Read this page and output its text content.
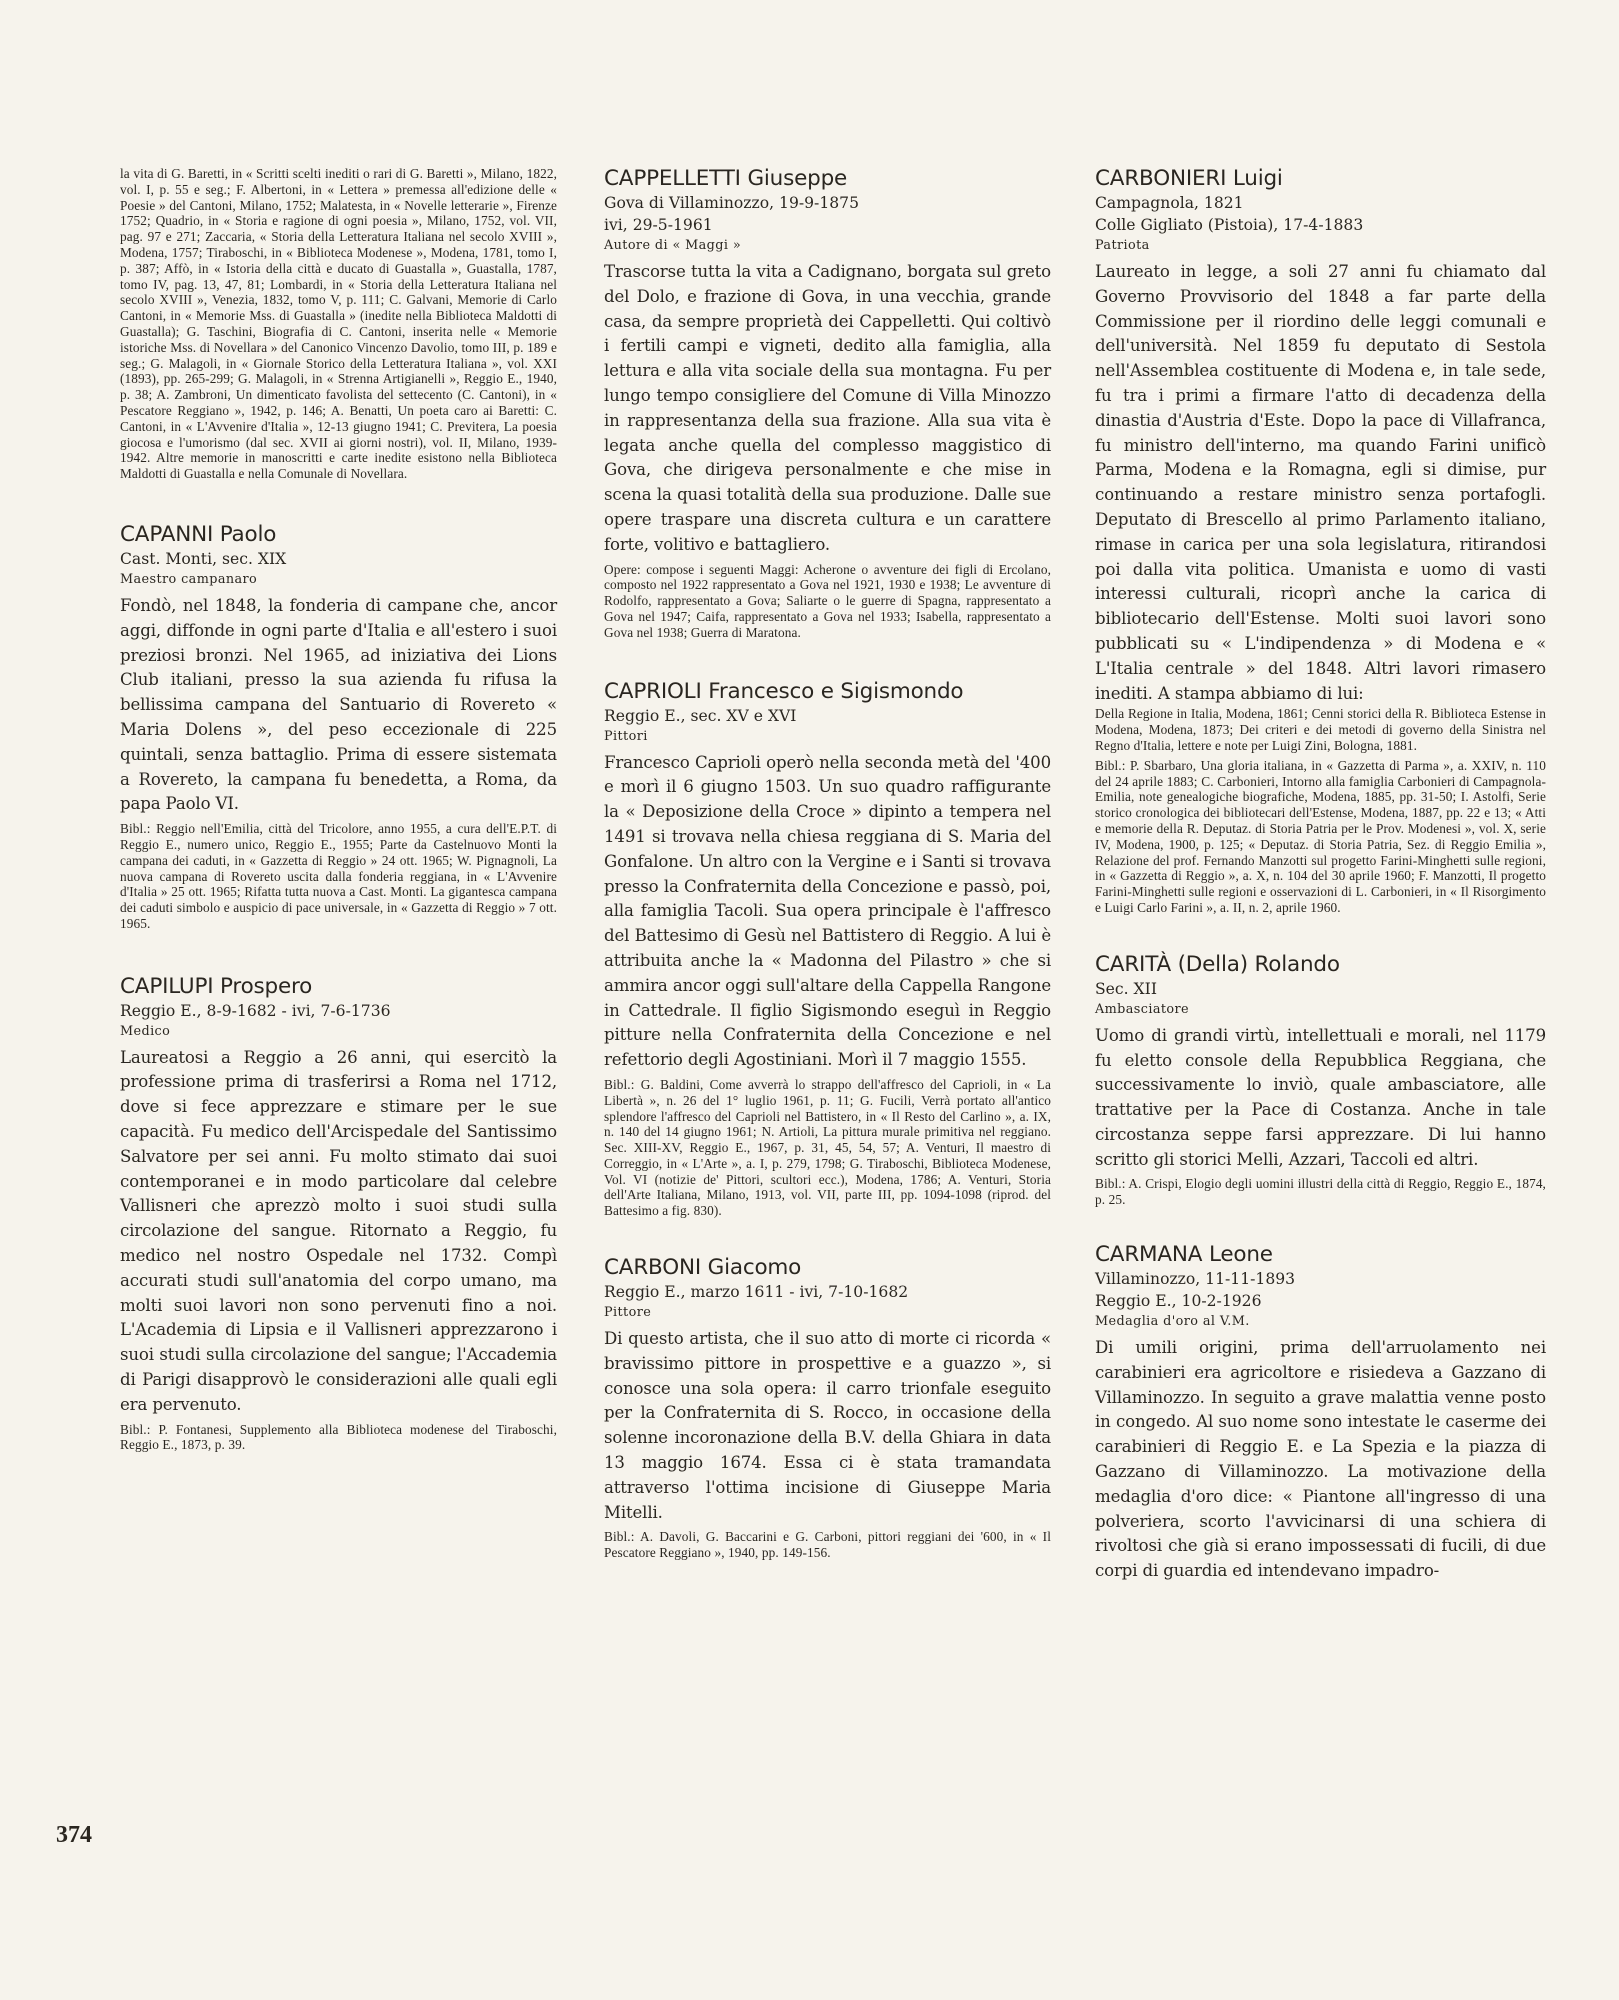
la vita di G. Baretti, in « Scritti scelti inediti o rari di G. Baretti », Milano, 1822, vol. I, p. 55 e seg.; F. Albertoni, in « Lettera » premessa all'edizione delle « Poesie » del Cantoni, Milano, 1752; Malatesta, in « Novelle letterarie », Firenze 1752; Quadrio, in « Storia e ragione di ogni poesia », Milano, 1752, vol. VII, pag. 97 e 271; Zaccaria, « Storia della Letteratura Italiana nel secolo XVIII », Modena, 1757; Tiraboschi, in « Biblioteca Modenese », Modena, 1781, tomo I, p. 387; Affò, in « Istoria della città e ducato di Guastalla », Guastalla, 1787, tomo IV, pag. 13, 47, 81; Lombardi, in « Storia della Letteratura Italiana nel secolo XVIII », Venezia, 1832, tomo V, p. 111; C. Galvani, Memorie di Carlo Cantoni, in « Memorie Mss. di Guastalla » (inedite nella Biblioteca Maldotti di Guastalla); G. Taschini, Biografia di C. Cantoni, inserita nelle « Memorie istoriche Mss. di Novellara » del Canonico Vincenzo Davolio, tomo III, p. 189 e seg.; G. Malagoli, in « Giornale Storico della Letteratura Italiana », vol. XXI (1893), pp. 265-299; G. Malagoli, in « Strenna Artigianelli », Reggio E., 1940, p. 38; A. Zambroni, Un dimenticato favolista del settecento (C. Cantoni), in « Pescatore Reggiano », 1942, p. 146; A. Benatti, Un poeta caro ai Baretti: C. Cantoni, in « L'Avvenire d'Italia », 12-13 giugno 1941; C. Previtera, La poesia giocosa e l'umorismo (dal sec. XVII ai giorni nostri), vol. II, Milano, 1939-1942. Altre memorie in manoscritti e carte inedite esistono nella Biblioteca Maldotti di Guastalla e nella Comunale di Novellara.

CAPANNI Paolo

Cast. Monti, sec. XIX

Maestro campanaro

Fondò, nel 1848, la fonderia di campane che, ancor aggi, diffonde in ogni parte d'Italia e all'estero i suoi preziosi bronzi. Nel 1965, ad iniziativa dei Lions Club italiani, presso la sua azienda fu rifusa la bellissima campana del Santuario di Rovereto « Maria Dolens », del peso eccezionale di 225 quintali, senza battaglio. Prima di essere sistemata a Rovereto, la campana fu benedetta, a Roma, da papa Paolo VI.

Bibl.: Reggio nell'Emilia, città del Tricolore, anno 1955, a cura dell'E.P.T. di Reggio E., numero unico, Reggio E., 1955; Parte da Castelnuovo Monti la campana dei caduti, in « Gazzetta di Reggio » 24 ott. 1965; W. Pignagnoli, La nuova campana di Rovereto uscita dalla fonderia reggiana, in « L'Avvenire d'Italia » 25 ott. 1965; Rifatta tutta nuova a Cast. Monti. La gigantesca campana dei caduti simbolo e auspicio di pace universale, in « Gazzetta di Reggio » 7 ott. 1965.

CAPILUPI Prospero

Reggio E., 8-9-1682 - ivi, 7-6-1736

Medico

Laureatosi a Reggio a 26 anni, qui esercitò la professione prima di trasferirsi a Roma nel 1712, dove si fece apprezzare e stimare per le sue capacità. Fu medico dell'Arcispedale del Santissimo Salvatore per sei anni. Fu molto stimato dai suoi contemporanei e in modo particolare dal celebre Vallisneri che aprezzò molto i suoi studi sulla circolazione del sangue. Ritornato a Reggio, fu medico nel nostro Ospedale nel 1732. Compì accurati studi sull'anatomia del corpo umano, ma molti suoi lavori non sono pervenuti fino a noi. L'Academia di Lipsia e il Vallisneri apprezzarono i suoi studi sulla circolazione del sangue; l'Accademia di Parigi disapprovò le considerazioni alle quali egli era pervenuto.

Bibl.: P. Fontanesi, Supplemento alla Biblioteca modenese del Tiraboschi, Reggio E., 1873, p. 39.

CAPPELLETTI Giuseppe

Gova di Villaminozzo, 19-9-1875

ivi, 29-5-1961

Autore di « Maggi »

Trascorse tutta la vita a Cadignano, borgata sul greto del Dolo, e frazione di Gova, in una vecchia, grande casa, da sempre proprietà dei Cappelletti. Qui coltivò i fertili campi e vigneti, dedito alla famiglia, alla lettura e alla vita sociale della sua montagna. Fu per lungo tempo consigliere del Comune di Villa Minozzo in rappresentanza della sua frazione. Alla sua vita è legata anche quella del complesso maggistico di Gova, che dirigeva personalmente e che mise in scena la quasi totalità della sua produzione. Dalle sue opere traspare una discreta cultura e un carattere forte, volitivo e battagliero.

Opere: compose i seguenti Maggi: Acherone o avventure dei figli di Ercolano, composto nel 1922 rappresentato a Gova nel 1921, 1930 e 1938; Le avventure di Rodolfo, rappresentato a Gova; Saliarte o le guerre di Spagna, rappresentato a Gova nel 1947; Caifa, rappresentato a Gova nel 1933; Isabella, rappresentato a Gova nel 1938; Guerra di Maratona.

CAPRIOLI Francesco e Sigismondo

Reggio E., sec. XV e XVI

Pittori

Francesco Caprioli operò nella seconda metà del '400 e morì il 6 giugno 1503. Un suo quadro raffigurante la « Deposizione della Croce » dipinto a tempera nel 1491 si trovava nella chiesa reggiana di S. Maria del Gonfalone. Un altro con la Vergine e i Santi si trovava presso la Confraternita della Concezione e passò, poi, alla famiglia Tacoli. Sua opera principale è l'affresco del Battesimo di Gesù nel Battistero di Reggio. A lui è attribuita anche la « Madonna del Pilastro » che si ammira ancor oggi sull'altare della Cappella Rangone in Cattedrale. Il figlio Sigismondo eseguì in Reggio pitture nella Confraternita della Concezione e nel refettorio degli Agostiniani. Morì il 7 maggio 1555.

Bibl.: G. Baldini, Come avverrà lo strappo dell'affresco del Caprioli, in « La Libertà », n. 26 del 1° luglio 1961, p. 11; G. Fucili, Verrà portato all'antico splendore l'affresco del Caprioli nel Battistero, in « Il Resto del Carlino », a. IX, n. 140 del 14 giugno 1961; N. Artioli, La pittura murale primitiva nel reggiano. Sec. XIII-XV, Reggio E., 1967, p. 31, 45, 54, 57; A. Venturi, Il maestro di Correggio, in « L'Arte », a. I, p. 279, 1798; G. Tiraboschi, Biblioteca Modenese, Vol. VI (notizie de' Pittori, scultori ecc.), Modena, 1786; A. Venturi, Storia dell'Arte Italiana, Milano, 1913, vol. VII, parte III, pp. 1094-1098 (riprod. del Battesimo a fig. 830).

CARBONI Giacomo

Reggio E., marzo 1611 - ivi, 7-10-1682

Pittore

Di questo artista, che il suo atto di morte ci ricorda « bravissimo pittore in prospettive e a guazzo », si conosce una sola opera: il carro trionfale eseguito per la Confraternita di S. Rocco, in occasione della solenne incoronazione della B.V. della Ghiara in data 13 maggio 1674. Essa ci è stata tramandata attraverso l'ottima incisione di Giuseppe Maria Mitelli.

Bibl.: A. Davoli, G. Baccarini e G. Carboni, pittori reggiani dei '600, in « Il Pescatore Reggiano », 1940, pp. 149-156.

CARBONIERI Luigi

Campagnola, 1821

Colle Gigliato (Pistoia), 17-4-1883

Patriota

Laureato in legge, a soli 27 anni fu chiamato dal Governo Provvisorio del 1848 a far parte della Commissione per il riordino delle leggi comunali e dell'università. Nel 1859 fu deputato di Sestola nell'Assemblea costituente di Modena e, in tale sede, fu tra i primi a firmare l'atto di decadenza della dinastia d'Austria d'Este. Dopo la pace di Villafranca, fu ministro dell'interno, ma quando Farini unificò Parma, Modena e la Romagna, egli si dimise, pur continuando a restare ministro senza portafogli. Deputato di Brescello al primo Parlamento italiano, rimase in carica per una sola legislatura, ritirandosi poi dalla vita politica. Umanista e uomo di vasti interessi culturali, ricoprì anche la carica di bibliotecario dell'Estense. Molti suoi lavori sono pubblicati su « L'indipendenza » di Modena e « L'Italia centrale » del 1848. Altri lavori rimasero inediti. A stampa abbiamo di lui:

Della Regione in Italia, Modena, 1861; Cenni storici della R. Biblioteca Estense in Modena, Modena, 1873; Dei criteri e dei metodi di governo della Sinistra nel Regno d'Italia, lettere e note per Luigi Zini, Bologna, 1881.

Bibl.: P. Sbarbaro, Una gloria italiana, in « Gazzetta di Parma », a. XXIV, n. 110 del 24 aprile 1883; C. Carbonieri, Intorno alla famiglia Carbonieri di Campagnola-Emilia, note genealogiche biografiche, Modena, 1885, pp. 31-50; I. Astolfi, Serie storico cronologica dei bibliotecari dell'Estense, Modena, 1887, pp. 22 e 13; « Atti e memorie della R. Deputaz. di Storia Patria per le Prov. Modenesi », vol. X, serie IV, Modena, 1900, p. 125; « Deputaz. di Storia Patria, Sez. di Reggio Emilia », Relazione del prof. Fernando Manzotti sul progetto Farini-Minghetti sulle regioni, in « Gazzetta di Reggio », a. X, n. 104 del 30 aprile 1960; F. Manzotti, Il progetto Farini-Minghetti sulle regioni e osservazioni di L. Carbonieri, in « Il Risorgimento e Luigi Carlo Farini », a. II, n. 2, aprile 1960.

CARITÀ (Della) Rolando

Sec. XII

Ambasciatore

Uomo di grandi virtù, intellettuali e morali, nel 1179 fu eletto console della Repubblica Reggiana, che successivamente lo inviò, quale ambasciatore, alle trattative per la Pace di Costanza. Anche in tale circostanza seppe farsi apprezzare. Di lui hanno scritto gli storici Melli, Azzari, Taccoli ed altri.

Bibl.: A. Crispi, Elogio degli uomini illustri della città di Reggio, Reggio E., 1874, p. 25.

CARMANA Leone

Villaminozzo, 11-11-1893

Reggio E., 10-2-1926

Medaglia d'oro al V.M.

Di umili origini, prima dell'arruolamento nei carabinieri era agricoltore e risiedeva a Gazzano di Villaminozzo. In seguito a grave malattia venne posto in congedo. Al suo nome sono intestate le caserme dei carabinieri di Reggio E. e La Spezia e la piazza di Gazzano di Villaminozzo. La motivazione della medaglia d'oro dice: « Piantone all'ingresso di una polveriera, scorto l'avvicinarsi di una schiera di rivoltosi che già si erano impossessati di fucili, di due corpi di guardia ed intendevano impadro-

374
